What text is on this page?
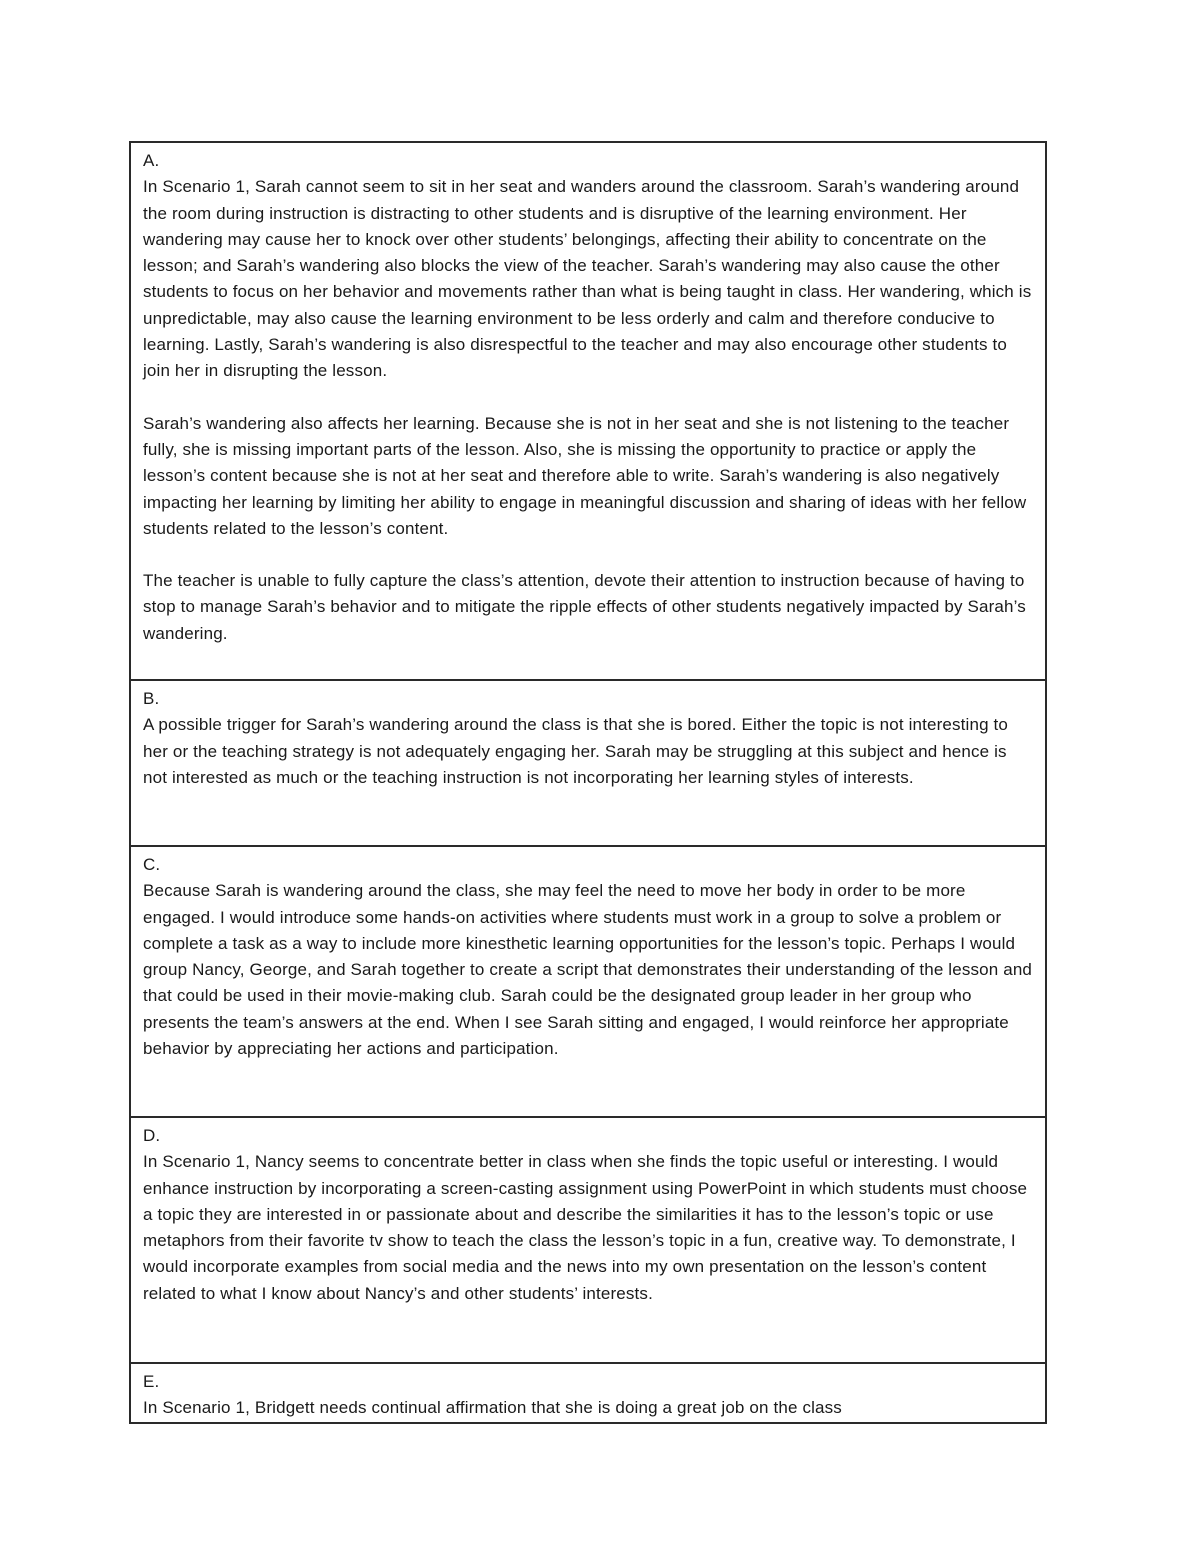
A.

In Scenario 1, Sarah cannot seem to sit in her seat and wanders around the classroom. Sarah’s wandering around the room during instruction is distracting to other students and is disruptive of the learning environment. Her wandering may cause her to knock over other students’ belongings, affecting their ability to concentrate on the lesson; and Sarah’s wandering also blocks the view of the teacher. Sarah’s wandering may also cause the other students to focus on her behavior and movements rather than what is being taught in class. Her wandering, which is unpredictable, may also cause the learning environment to be less orderly and calm and therefore conducive to learning. Lastly, Sarah’s wandering is also disrespectful to the teacher and may also encourage other students to join her in disrupting the lesson.

Sarah’s wandering also affects her learning. Because she is not in her seat and she is not listening to the teacher fully, she is missing important parts of the lesson. Also, she is missing the opportunity to practice or apply the lesson’s content because she is not at her seat and therefore able to write. Sarah’s wandering is also negatively impacting her learning by limiting her ability to engage in meaningful discussion and sharing of ideas with her fellow students related to the lesson’s content.

The teacher is unable to fully capture the class’s attention, devote their attention to instruction because of having to stop to manage Sarah’s behavior and to mitigate the ripple effects of other students negatively impacted by Sarah’s wandering.

B.

A possible trigger for Sarah’s wandering around the class is that she is bored. Either the topic is not interesting to her or the teaching strategy is not adequately engaging her. Sarah may be struggling at this subject and hence is not interested as much or the teaching instruction is not incorporating her learning styles of interests.

C.

Because Sarah is wandering around the class, she may feel the need to move her body in order to be more engaged. I would introduce some hands-on activities where students must work in a group to solve a problem or complete a task as a way to include more kinesthetic learning opportunities for the lesson’s topic. Perhaps I would group Nancy, George, and Sarah together to create a script that demonstrates their understanding of the lesson and that could be used in their movie-making club. Sarah could be the designated group leader in her group who presents the team’s answers at the end. When I see Sarah sitting and engaged, I would reinforce her appropriate behavior by appreciating her actions and participation.

D.

In Scenario 1, Nancy seems to concentrate better in class when she finds the topic useful or interesting. I would enhance instruction by incorporating a screen-casting assignment using PowerPoint in which students must choose a topic they are interested in or passionate about and describe the similarities it has to the lesson’s topic or use metaphors from their favorite tv show to teach the class the lesson’s topic in a fun, creative way. To demonstrate, I would incorporate examples from social media and the news into my own presentation on the lesson’s content related to what I know about Nancy’s and other students’ interests.

E.

In Scenario 1, Bridgett needs continual affirmation that she is doing a great job on the class
